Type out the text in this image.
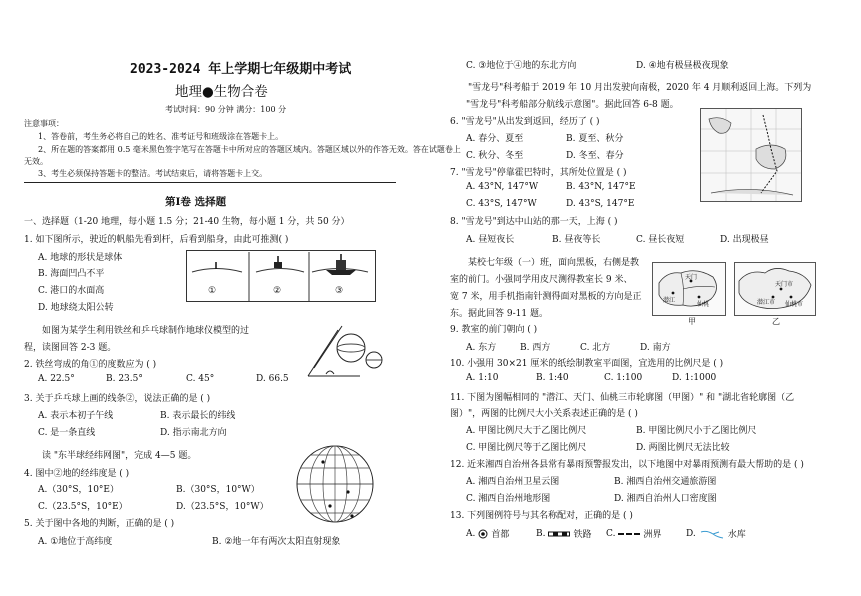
2023-2024 年上学期七年级期中考试
地理●生物合卷
考试时间：90 分钟 满分：100 分
注意事项：
1、答卷前，考生务必将自己的姓名、准考证号和班级涂在答题卡上。
2、所在题的答案都用 0.5 毫米黑色签字笔写在答题卡中所对应的答题区域内。答题区域以外的作答无效。答在试题卷上
无效。
3、考生必须保持答题卡的整洁。考试结束后，请将答题卡上交。
第Ⅰ卷 选择题
一、选择题（1-20 地理，每小题 1.5 分；21-40 生物，每小题 1 分，共 50 分）
1. 如下图所示，驶近的帆船先看到杆，后看到船身，由此可推测( )
A. 地球的形状是球体
B. 海面凹凸不平
C. 港口的水面高
D. 地球绕太阳公转
①	②	③
如图为某学生利用铁丝和乒乓球制作地球仪模型的过
程，读图回答 2-3 题。
2. 铁丝弯成的角①的度数应为 ( )
A. 22.5°	B. 23.5°	C. 45°	D. 66.5
3. 关于乒乓球上画的线条②，说法正确的是 ( )
A. 表示本初子午线	B. 表示最长的纬线
C. 是一条直线	D. 指示南北方向
读 "东半球经纬网图"，完成 4—5 题。
4. 图中②地的经纬度是 ( )
A.（30°S，10°E）	B.（30°S，10°W）
C.（23.5°S，10°E）	D.（23.5°S，10°W）
5. 关于图中各地的判断，正确的是 ( )
A. ①地位于高纬度	B. ②地一年有两次太阳直射现象
C. ③地位于④地的东北方向	D. ④地有极昼极夜现象
"雪龙号"科考船于 2019 年 10 月出发驶向南极，2020 年 4 月顺利返回上海。下列为
"雪龙号"科考船部分航线示意图"。据此回答 6-8 题。
6. "雪龙号"从出发到返回，经历了 ( )
A. 春分、夏至	B. 夏至、秋分
C. 秋分、冬至	D. 冬至、春分
7. "雪龙号"停靠霍巴特时，其所处位置是 ( )
A. 43°N, 147°W	B. 43°N, 147°E
C. 43°S, 147°W	D. 43°S, 147°E
8. "雪龙号"到达中山站的那一天，上海 ( )
A. 昼短夜长	B. 昼夜等长	C. 昼长夜短	D. 出现极昼
某校七年级（一）班，面向黑板，右侧是教
室的前门。小强同学用皮尺测得教室长 9 米、
宽 7 米，用手机指南针测得面对黑板的方向是正
东。据此回答 9-11 题。
天门
潜江
仙桃
甲
天门市
潜江市 仙桃市
乙
9. 教室的前门朝向 ( )
A. 东方	B. 西方	C. 北方	D. 南方
10. 小强用 30×21 厘米的纸绘制教室平面图，宜选用的比例尺是 ( )
A. 1:10	B. 1:40	C. 1:100	D. 1:1000
11. 下图为图幅相同的 "潜江、天门、仙桃三市轮廓图（甲图）" 和 "湖北省轮廓图（乙
图）"，两图的比例尺大小关系表述正确的是 ( )
A. 甲图比例尺大于乙图比例尺	B. 甲图比例尺小于乙图比例尺
C. 甲图比例尺等于乙图比例尺	D. 两图比例尺无法比较
12. 近来湘西自治州各县常有暴雨预警报发出，以下地图中对暴雨预测有最大帮助的是 ( )
A. 湘西自治州卫星云图	B. 湘西自治州交通旅游图
C. 湘西自治州地形图	D. 湘西自治州人口密度图
13. 下列图例符号与其名称配对，正确的是 ( )
A. 首都	B.	铁路 C.	洲界	D.	水库
